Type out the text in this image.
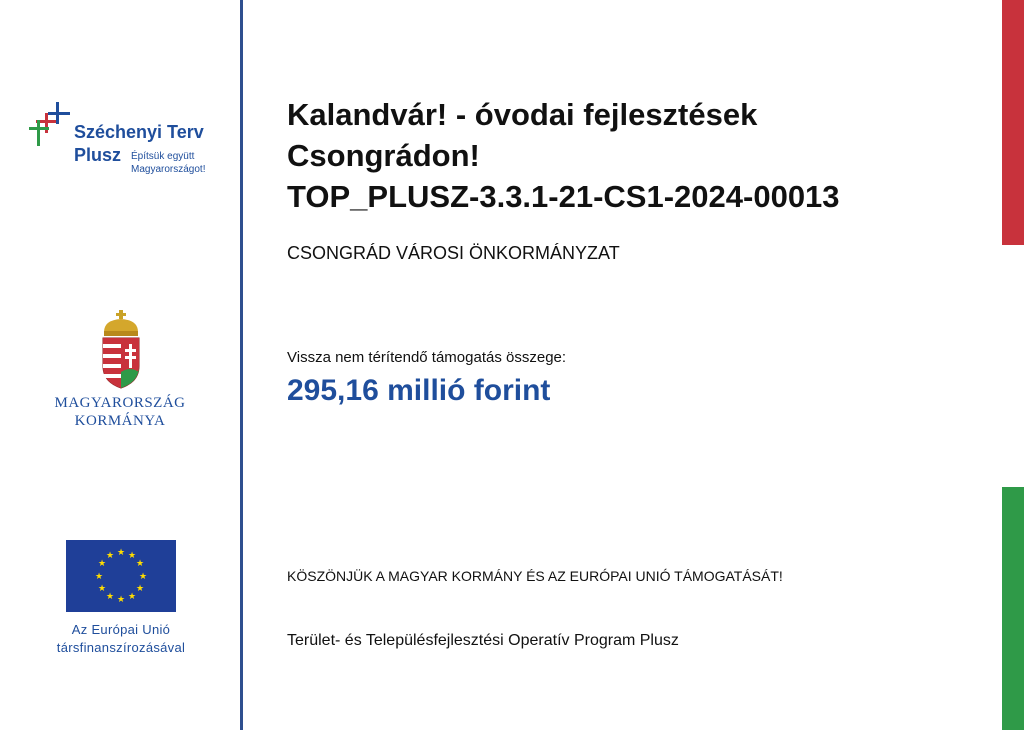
Széchenyi Terv
Plusz Építsük együtt
Magyarországot!
MAGYARORSZÁG
KORMÁNYA
★ ★
★
★
★
★
★
★
★
★
★
★
Az Európai Unió
társfinanszírozásával
Kalandvár! - óvodai fejlesztések
Csongrádon!
TOP_PLUSZ-3.3.1-21-CS1-2024-00013
CSONGRÁD VÁROSI ÖNKORMÁNYZAT
Vissza nem térítendő támogatás összege:
295,16 millió forint
KÖSZÖNJÜK A MAGYAR KORMÁNY ÉS AZ EURÓPAI UNIÓ TÁMOGATÁSÁT!
Terület- és Településfejlesztési Operatív Program Plusz
